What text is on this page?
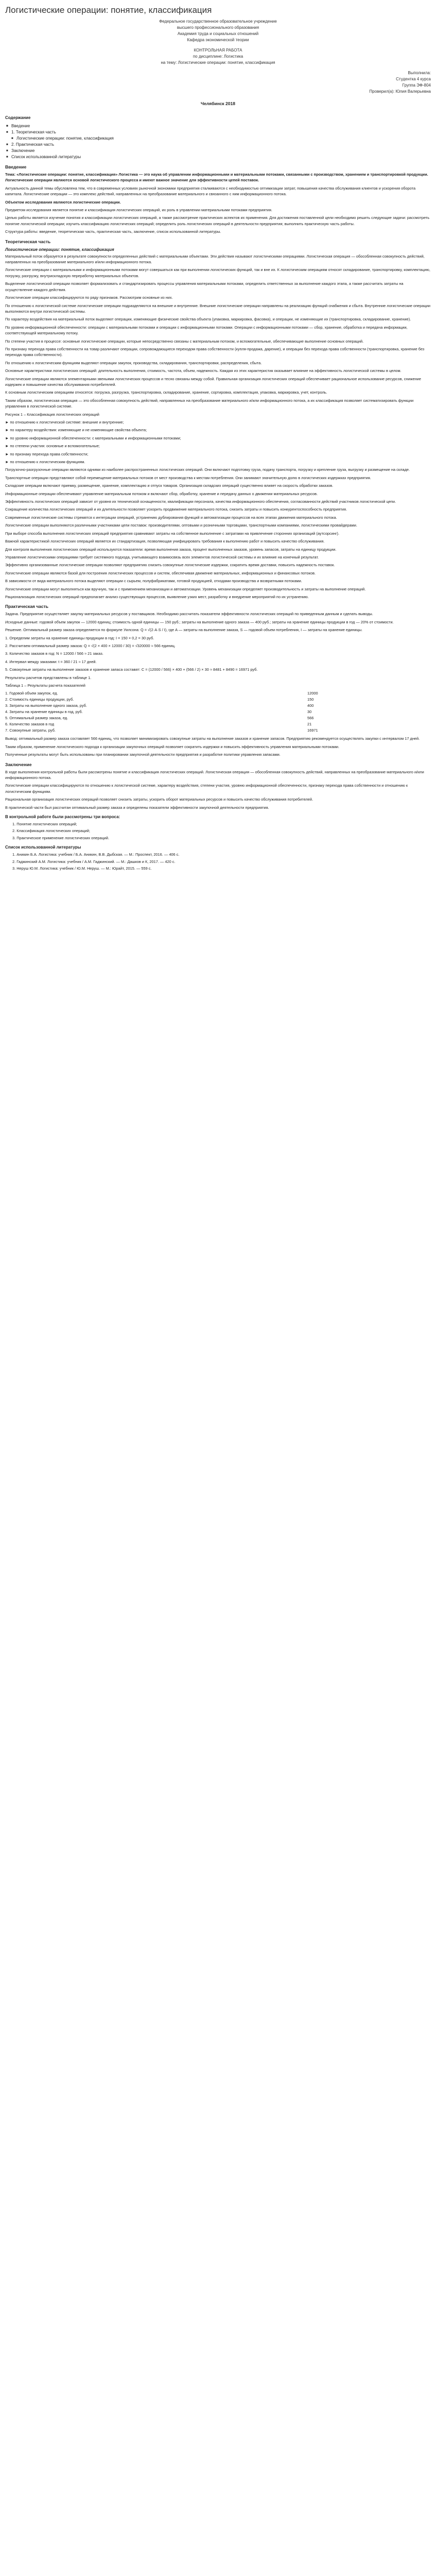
Логистические операции: понятие, классификация
Федеральное государственное образовательное учреждение
высшего профессионального образования
Академия труда и социальных отношений
Кафедра экономической теории
КОНТРОЛЬНАЯ РАБОТА
по дисциплине: Логистика
на тему: Логистические операции: понятие, классификация
Выполнила:
Студентка 4 курса
Группа ЭФ-804
Проверил(а): Юлия Валерьевна
Челябинск 2018
Содержание
■ Введение
■ 1. Теоретическая часть
■ Логистические операции: понятие, классификация
■ 2. Практическая часть
■ Заключение
■ Список использованной литературы
Введение

Тема: «Логистические операции: понятие, классификация» Логистика — это наука об управлении информационными и материальными потоками, связанными с производством, хранением и транспортировкой продукции. Логистические операции являются основой логистического процесса и имеют важное значение для эффективности цепей поставок.

Актуальность данной темы обусловлена тем, что в современных условиях рыночной экономики предприятия сталкиваются с необходимостью оптимизации затрат, повышения качества обслуживания клиентов и ускорения оборота капитала. Логистические операции — это комплекс действий, направленных на преобразование материального и связанного с ним информационного потока.

Объектом исследования являются логистические операции.

Предметом исследования является понятие и классификация логистических операций, их роль в управлении материальными потоками предприятия.

Целью работы является изучение понятия и классификации логистических операций, а также рассмотрение практических аспектов их применения. Для достижения поставленной цели необходимо решить следующие задачи: рассмотреть понятие логистической операции; изучить классификацию логистических операций; определить роль логистических операций в деятельности предприятия; выполнить практическую часть работы.

Структура работы: введение, теоретическая часть, практическая часть, заключение, список использованной литературы.

Теоретическая часть
Логистические операции: понятие, классификация

Материальный поток образуется в результате совокупности определенных действий с материальными объектами. Эти действия называют логистическими операциями. Логистическая операция — обособленная совокупность действий, направленных на преобразование материального и/или информационного потока.

Логистические операции с материальными и информационными потоками могут совершаться как при выполнении логистических функций, так и вне их. К логистическим операциям относят складирование, транспортировку, комплектацию, погрузку, разгрузку, внутрискладскую переработку материальных объектов.

Выделение логистической операции позволяет формализовать и стандартизировать процессы управления материальными потоками, определить ответственных за выполнение каждого этапа, а также рассчитать затраты на осуществление каждого действия.

Логистические операции классифицируются по ряду признаков. Рассмотрим основные из них.

По отношению к логистической системе логистические операции подразделяются на внешние и внутренние. Внешние логистические операции направлены на реализацию функций снабжения и сбыта. Внутренние логистические операции выполняются внутри логистической системы.

По характеру воздействия на материальный поток выделяют операции, изменяющие физические свойства объекта (упаковка, маркировка, фасовка), и операции, не изменяющие их (транспортировка, складирование, хранение).

По уровню информационной обеспеченности: операции с материальными потоками и операции с информационными потоками. Операции с информационными потоками — сбор, хранение, обработка и передача информации, соответствующей материальному потоку.

По степени участия в процессе: основные логистические операции, которые непосредственно связаны с материальным потоком, и вспомогательные, обеспечивающие выполнение основных операций.

По признаку перехода права собственности на товар различают операции, сопровождающиеся переходом права собственности (купля-продажа, дарение), и операции без перехода права собственности (транспортировка, хранение без перехода права собственности).

По отношению к логистическим функциям выделяют операции закупок, производства, складирования, транспортировки, распределения, сбыта.

Основные характеристики логистических операций: длительность выполнения, стоимость, частота, объем, надежность. Каждая из этих характеристик оказывает влияние на эффективность логистической системы в целом.

Логистические операции являются элементарными звеньями логистических процессов и тесно связаны между собой. Правильная организация логистических операций обеспечивает рациональное использование ресурсов, снижение издержек и повышение качества обслуживания потребителей.

К основным логистическим операциям относятся: погрузка, разгрузка, транспортировка, складирование, хранение, сортировка, комплектация, упаковка, маркировка, учет, контроль.

Таким образом, логистическая операция — это обособленная совокупность действий, направленных на преобразование материального и/или информационного потока, а их классификация позволяет систематизировать функции управления в логистической системе.

Рисунок 1 – Классификация логистических операций

► по отношению к логистической системе: внешние и внутренние;

► по характеру воздействия: изменяющие и не изменяющие свойства объекта;

► по уровню информационной обеспеченности: с материальными и информационными потоками;

► по степени участия: основные и вспомогательные;

► по признаку перехода права собственности;

► по отношению к логистическим функциям.

Погрузочно-разгрузочные операции являются одними из наиболее распространенных логистических операций. Они включают подготовку груза, подачу транспорта, погрузку и крепление груза, выгрузку и размещение на складе.

Транспортные операции представляют собой перемещение материальных потоков от мест производства к местам потребления. Они занимают значительную долю в логистических издержках предприятия.

Складские операции включают приемку, размещение, хранение, комплектацию и отпуск товаров. Организация складских операций существенно влияет на скорость обработки заказов.

Информационные операции обеспечивают управление материальным потоком и включают сбор, обработку, хранение и передачу данных о движении материальных ресурсов.

Эффективность логистических операций зависит от уровня их технической оснащенности, квалификации персонала, качества информационного обеспечения, согласованности действий участников логистической цепи.

Сокращение количества логистических операций и их длительности позволяет ускорить продвижение материального потока, снизить затраты и повысить конкурентоспособность предприятия.

Современные логистические системы стремятся к интеграции операций, устранению дублирования функций и автоматизации процессов на всех этапах движения материального потока.

Логистические операции выполняются различными участниками цепи поставок: производителями, оптовыми и розничными торговцами, транспортными компаниями, логистическими провайдерами.

При выборе способа выполнения логистических операций предприятия сравнивают затраты на собственное выполнение с затратами на привлечение сторонних организаций (аутсорсинг).

Важной характеристикой логистических операций является их стандартизация, позволяющая унифицировать требования к выполнению работ и повысить качество обслуживания.

Для контроля выполнения логистических операций используются показатели: время выполнения заказа, процент выполненных заказов, уровень запасов, затраты на единицу продукции.

Управление логистическими операциями требует системного подхода, учитывающего взаимосвязь всех элементов логистической системы и их влияние на конечный результат.

Эффективно организованные логистические операции позволяют предприятию снизить совокупные логистические издержки, сократить время доставки, повысить надежность поставок.

Логистические операции являются базой для построения логистических процессов и систем, обеспечивая движение материальных, информационных и финансовых потоков.

В зависимости от вида материального потока выделяют операции с сырьем, полуфабрикатами, готовой продукцией, отходами производства и возвратными потоками.

Логистические операции могут выполняться как вручную, так и с применением механизации и автоматизации. Уровень механизации определяет производительность и затраты на выполнение операций.

Рационализация логистических операций предполагает анализ существующих процессов, выявление узких мест, разработку и внедрение мероприятий по их устранению.

Практическая часть

Задача. Предприятие осуществляет закупку материальных ресурсов у поставщиков. Необходимо рассчитать показатели эффективности логистических операций по приведенным данным и сделать выводы.

Исходные данные: годовой объем закупок — 12000 единиц; стоимость одной единицы — 150 руб.; затраты на выполнение одного заказа — 400 руб.; затраты на хранение единицы продукции в год — 20% от стоимости.

Решение. Оптимальный размер заказа определяется по формуле Уилсона: Q = √(2·A·S / I), где A — затраты на выполнение заказа, S — годовой объем потребления, I — затраты на хранение единицы.

1. Определим затраты на хранение единицы продукции в год: I = 150 × 0,2 = 30 руб.

2. Рассчитаем оптимальный размер заказа: Q = √(2 × 400 × 12000 / 30) = √320000 ≈ 566 единиц.

3. Количество заказов в год: N = 12000 / 566 ≈ 21 заказ.

4. Интервал между заказами: t = 360 / 21 ≈ 17 дней.

5. Совокупные затраты на выполнение заказов и хранение запаса составят: C = (12000 / 566) × 400 + (566 / 2) × 30 ≈ 8481 + 8490 = 16971 руб.

Результаты расчетов представлены в таблице 1.

Таблица 1 – Результаты расчета показателей

1. Годовой объем закупок, ед.	12000
2. Стоимость единицы продукции, руб.	150
3. Затраты на выполнение одного заказа, руб.	400
4. Затраты на хранение единицы в год, руб.	30
5. Оптимальный размер заказа, ед.	566
6. Количество заказов в год	21
7. Совокупные затраты, руб.	16971

Вывод: оптимальный размер заказа составляет 566 единиц, что позволяет минимизировать совокупные затраты на выполнение заказов и хранение запасов. Предприятию рекомендуется осуществлять закупки с интервалом 17 дней.

Таким образом, применение логистического подхода к организации закупочных операций позволяет сократить издержки и повысить эффективность управления материальными потоками.

Полученные результаты могут быть использованы при планировании закупочной деятельности предприятия и разработке политики управления запасами.

Заключение

В ходе выполнения контрольной работы были рассмотрены понятие и классификация логистических операций. Логистическая операция — обособленная совокупность действий, направленных на преобразование материального и/или информационного потока.

Логистические операции классифицируются по отношению к логистической системе, характеру воздействия, степени участия, уровню информационной обеспеченности, признаку перехода права собственности и отношению к логистическим функциям.

Рациональная организация логистических операций позволяет снизить затраты, ускорить оборот материальных ресурсов и повысить качество обслуживания потребителей.

В практической части был рассчитан оптимальный размер заказа и определены показатели эффективности закупочной деятельности предприятия.

В контрольной работе были рассмотрены три вопроса:
1. Понятие логистических операций;
2. Классификация логистических операций;
3. Практическое применение логистических операций.
Список использованной литературы
1. Аникин Б.А. Логистика: учебник / Б.А. Аникин, В.В. Дыбская. — М.: Проспект, 2016. — 406 с.
2. Гаджинский А.М. Логистика: учебник / А.М. Гаджинский. — М.: Дашков и К, 2017. — 420 с.
3. Неруш Ю.М. Логистика: учебник / Ю.М. Неруш. — М.: Юрайт, 2015. — 559 с.
